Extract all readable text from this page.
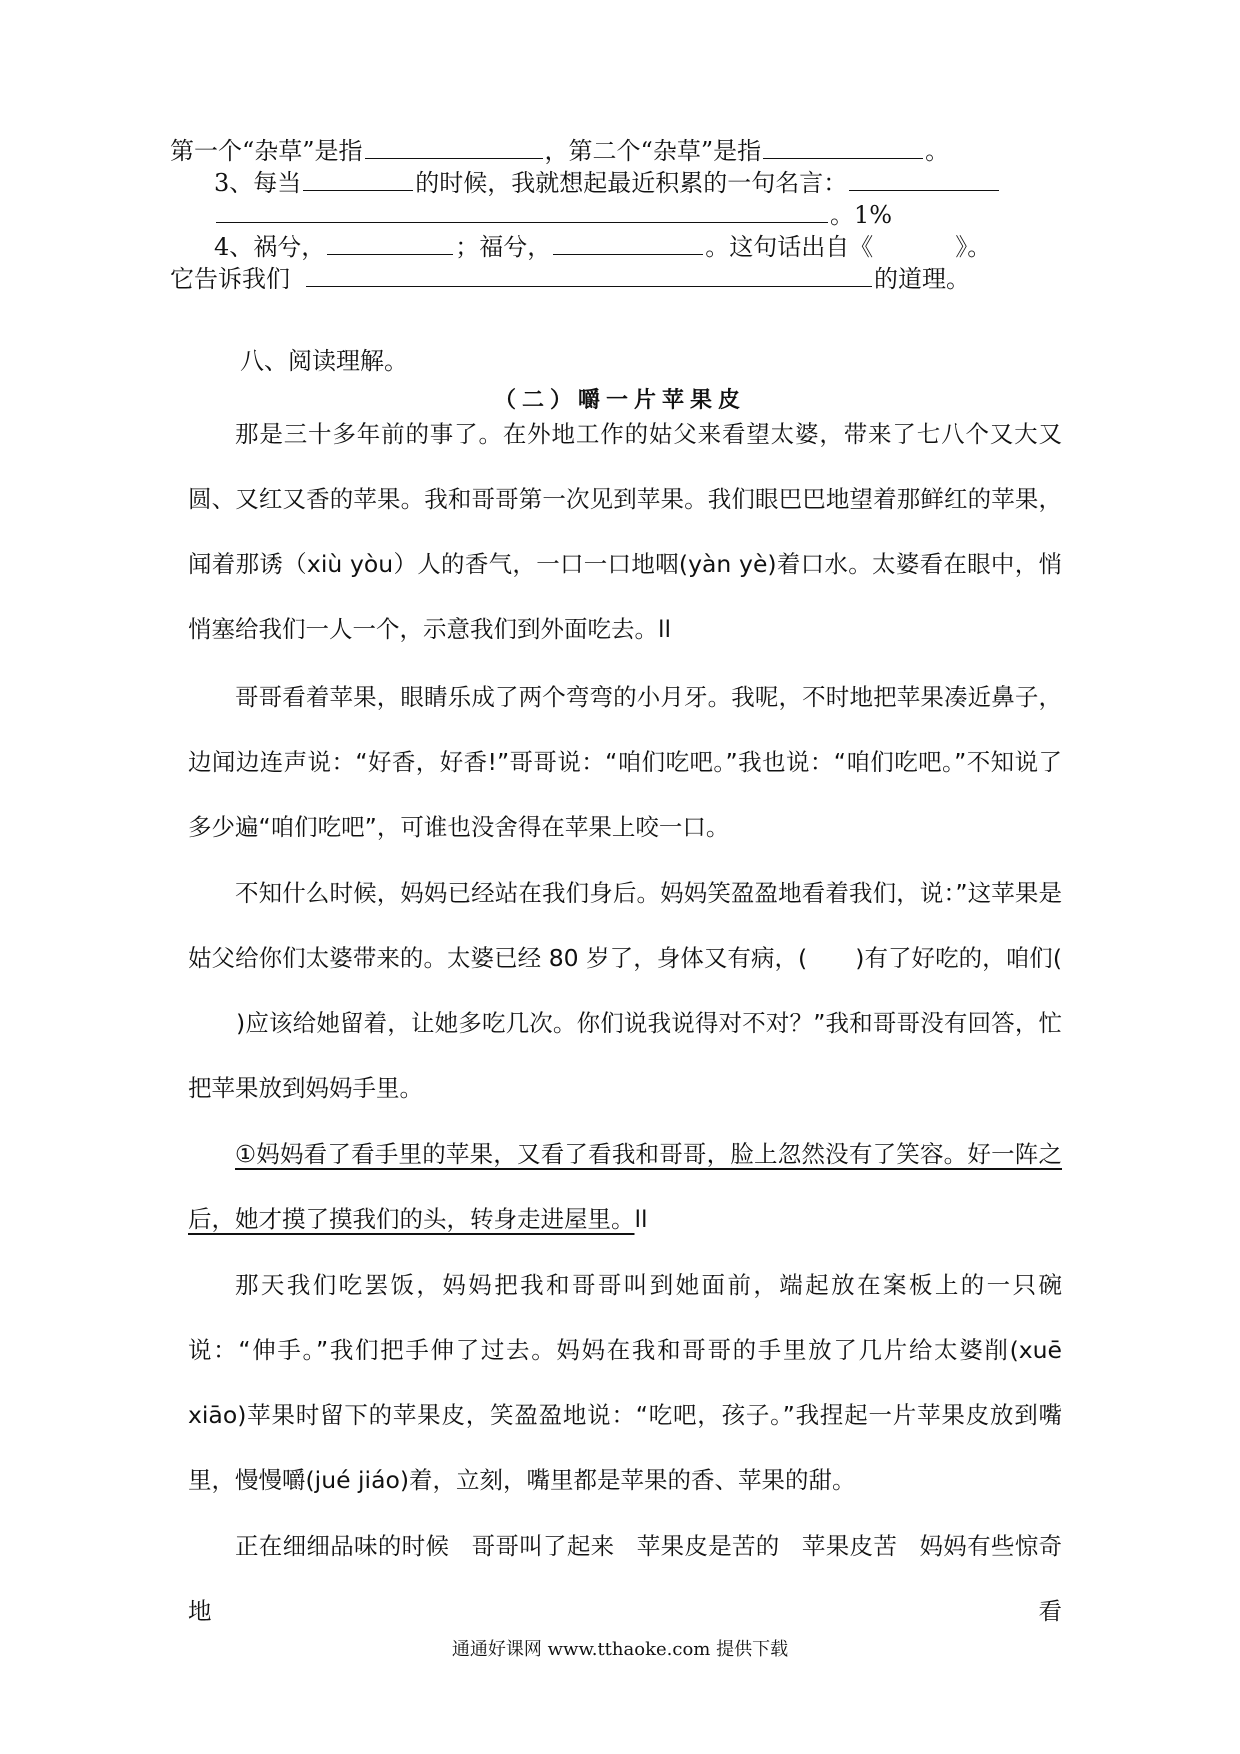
第一个“杂草”是指	，第二个“杂草”是指	。
3、每当	的时候，我就想起最近积累的一句名言：
。1%
4、祸兮，	；福兮，	。这句话出自《	》。
它告诉我们	的道理。
八、阅读理解。
（二）嚼一片苹果皮
那是三十多年前的事了。在外地工作的姑父来看望太婆，带来了七八个又大又圆、又红又香的苹果。我和哥哥第一次见到苹果。我们眼巴巴地望着那鲜红的苹果，闻着那诱（xiù yòu）人的香气，一口一口地咽(yàn yè)着口水。太婆看在眼中，悄悄塞给我们一人一个，示意我们到外面吃去。ll
哥哥看着苹果，眼睛乐成了两个弯弯的小月牙。我呢，不时地把苹果凑近鼻子，边闻边连声说：“好香，好香!”哥哥说：“咱们吃吧。”我也说：“咱们吃吧。”不知说了多少遍“咱们吃吧”，可谁也没舍得在苹果上咬一口。
不知什么时候，妈妈已经站在我们身后。妈妈笑盈盈地看着我们，说：”这苹果是姑父给你们太婆带来的。太婆已经 80 岁了，身体又有病，( )有了好吃的，咱们()应该给她留着，让她多吃几次。你们说我说得对不对？”我和哥哥没有回答，忙把苹果放到妈妈手里。
①妈妈看了看手里的苹果，又看了看我和哥哥，脸上忽然没有了笑容。好一阵之后，她才摸了摸我们的头，转身走进屋里。ll
那天我们吃罢饭，妈妈把我和哥哥叫到她面前，端起放在案板上的一只碗说：“伸手。”我们把手伸了过去。妈妈在我和哥哥的手里放了几片给太婆削(xuē xiāo)苹果时留下的苹果皮，笑盈盈地说：“吃吧，孩子。”我捏起一片苹果皮放到嘴里，慢慢嚼(jué jiáo)着，立刻，嘴里都是苹果的香、苹果的甜。
正在细细品味的时候 哥哥叫了起来 苹果皮是苦的 苹果皮苦 妈妈有些惊奇地看
通通好课网 www.tthaoke.com 提供下载
